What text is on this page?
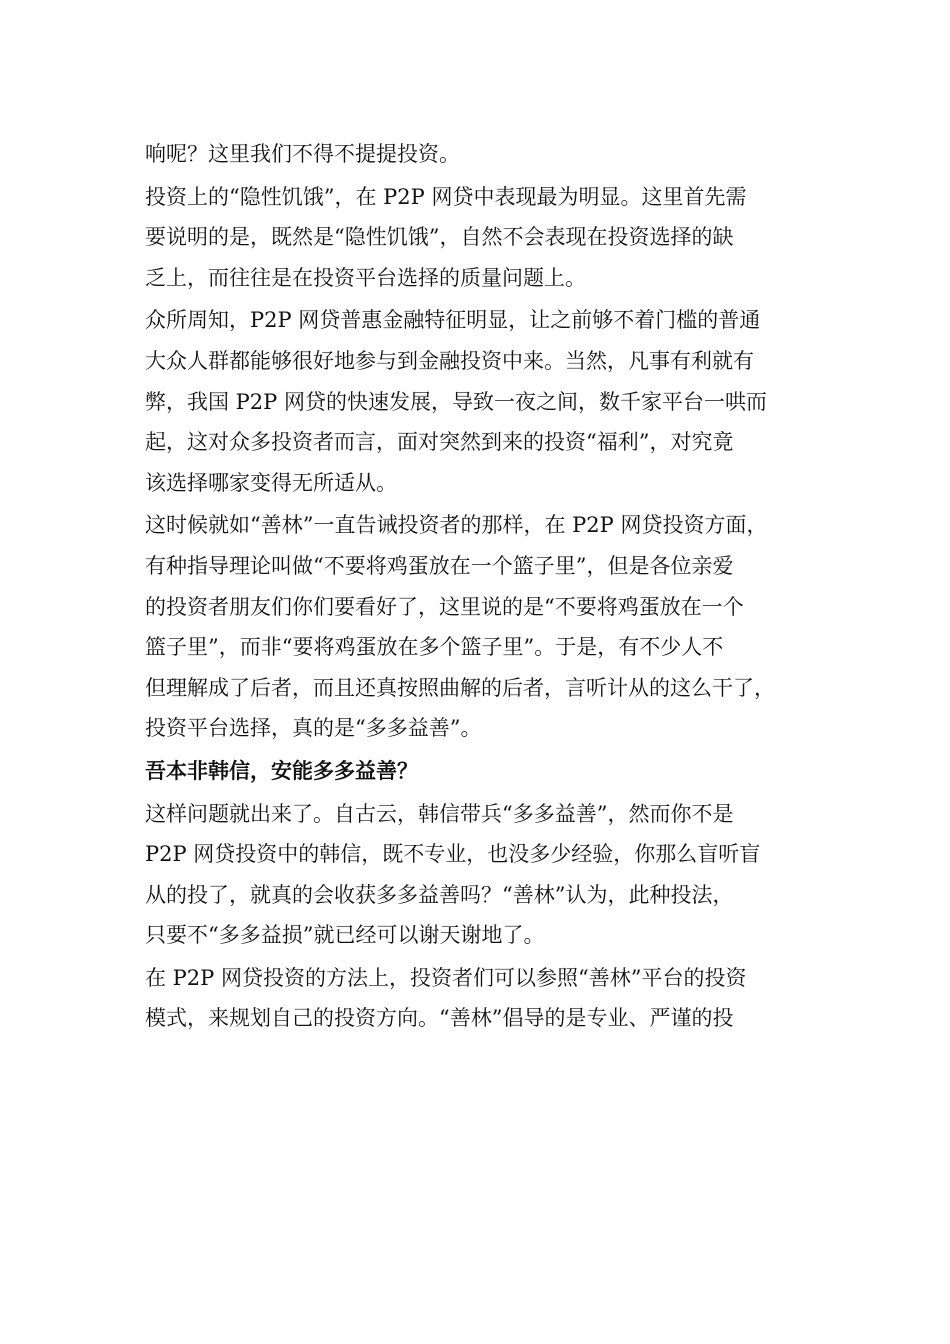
响呢？这里我们不得不提提投资。
投资上的“隐性饥饿”，在 P2P 网贷中表现最为明显。这里首先需
要说明的是，既然是“隐性饥饿”，自然不会表现在投资选择的缺
乏上，而往往是在投资平台选择的质量问题上。
众所周知，P2P 网贷普惠金融特征明显，让之前够不着门槛的普通
大众人群都能够很好地参与到金融投资中来。当然，凡事有利就有
弊，我国 P2P 网贷的快速发展，导致一夜之间，数千家平台一哄而
起，这对众多投资者而言，面对突然到来的投资“福利”，对究竟
该选择哪家变得无所适从。
这时候就如“善林”一直告诫投资者的那样，在 P2P 网贷投资方面，
有种指导理论叫做“不要将鸡蛋放在一个篮子里”，但是各位亲爱
的投资者朋友们你们要看好了，这里说的是“不要将鸡蛋放在一个
篮子里”，而非“要将鸡蛋放在多个篮子里”。于是，有不少人不
但理解成了后者，而且还真按照曲解的后者，言听计从的这么干了，
投资平台选择，真的是“多多益善”。
吾本非韩信，安能多多益善？
这样问题就出来了。自古云，韩信带兵“多多益善”，然而你不是
P2P 网贷投资中的韩信，既不专业，也没多少经验，你那么盲听盲
从的投了，就真的会收获多多益善吗？“善林”认为，此种投法，
只要不“多多益损”就已经可以谢天谢地了。
在 P2P 网贷投资的方法上，投资者们可以参照“善林”平台的投资
模式，来规划自己的投资方向。“善林”倡导的是专业、严谨的投
